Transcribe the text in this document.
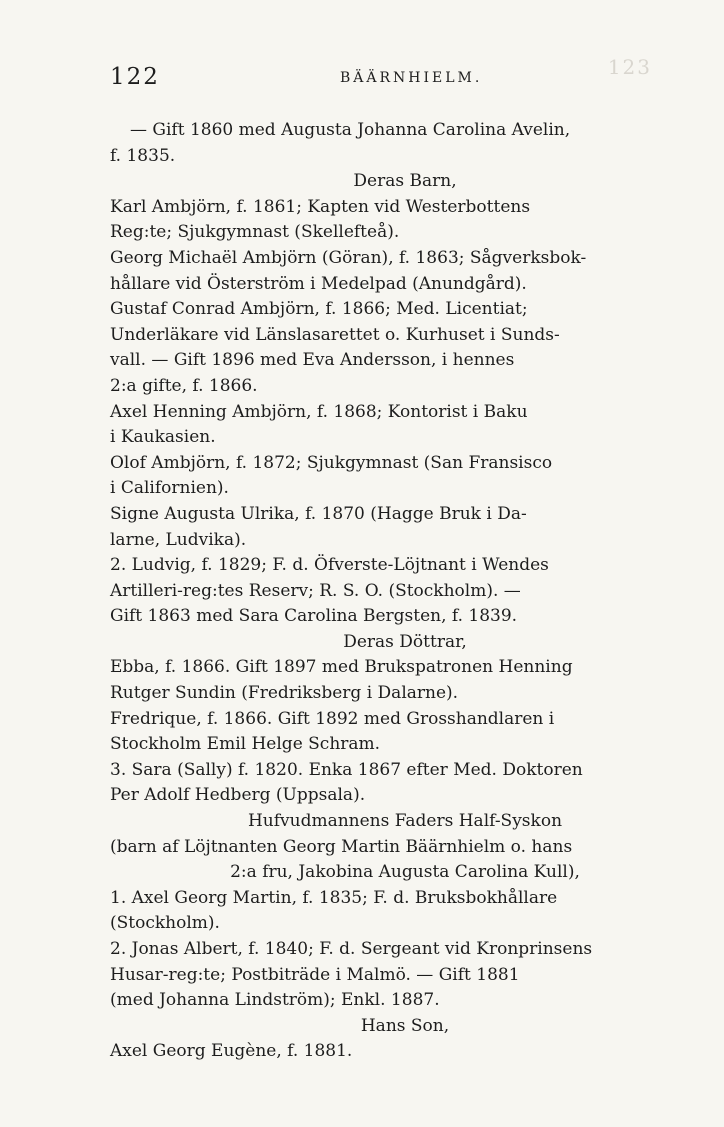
123
122	BÄÄRNHIELM.
— Gift 1860 med Augusta Johanna Carolina Avelin,
f. 1835.
Deras Barn,
Karl Ambjörn, f. 1861; Kapten vid Westerbottens
Reg:te; Sjukgymnast (Skellefteå).
Georg Michaël Ambjörn (Göran), f. 1863; Sågverksbok-
hållare vid Österström i Medelpad (Anundgård).
Gustaf Conrad Ambjörn, f. 1866; Med. Licentiat;
Underläkare vid Länslasarettet o. Kurhuset i Sunds-
vall. — Gift 1896 med Eva Andersson, i hennes
2:a gifte, f. 1866.
Axel Henning Ambjörn, f. 1868; Kontorist i Baku
i Kaukasien.
Olof Ambjörn, f. 1872; Sjukgymnast (San Fransisco
i Californien).
Signe Augusta Ulrika, f. 1870 (Hagge Bruk i Da-
larne, Ludvika).
2. Ludvig, f. 1829; F. d. Öfverste-Löjtnant i Wendes
Artilleri-reg:tes Reserv; R. S. O. (Stockholm). —
Gift 1863 med Sara Carolina Bergsten, f. 1839.
Deras Döttrar,
Ebba, f. 1866. Gift 1897 med Brukspatronen Henning
Rutger Sundin (Fredriksberg i Dalarne).
Fredrique, f. 1866. Gift 1892 med Grosshandlaren i
Stockholm Emil Helge Schram.
3. Sara (Sally) f. 1820. Enka 1867 efter Med. Doktoren
Per Adolf Hedberg (Uppsala).
Hufvudmannens Faders Half-Syskon
(barn af Löjtnanten Georg Martin Bäärnhielm o. hans
2:a fru, Jakobina Augusta Carolina Kull),
1. Axel Georg Martin, f. 1835; F. d. Bruksbokhållare
(Stockholm).
2. Jonas Albert, f. 1840; F. d. Sergeant vid Kronprinsens
Husar-reg:te; Postbiträde i Malmö. — Gift 1881
(med Johanna Lindström); Enkl. 1887.
Hans Son,
Axel Georg Eugène, f. 1881.
